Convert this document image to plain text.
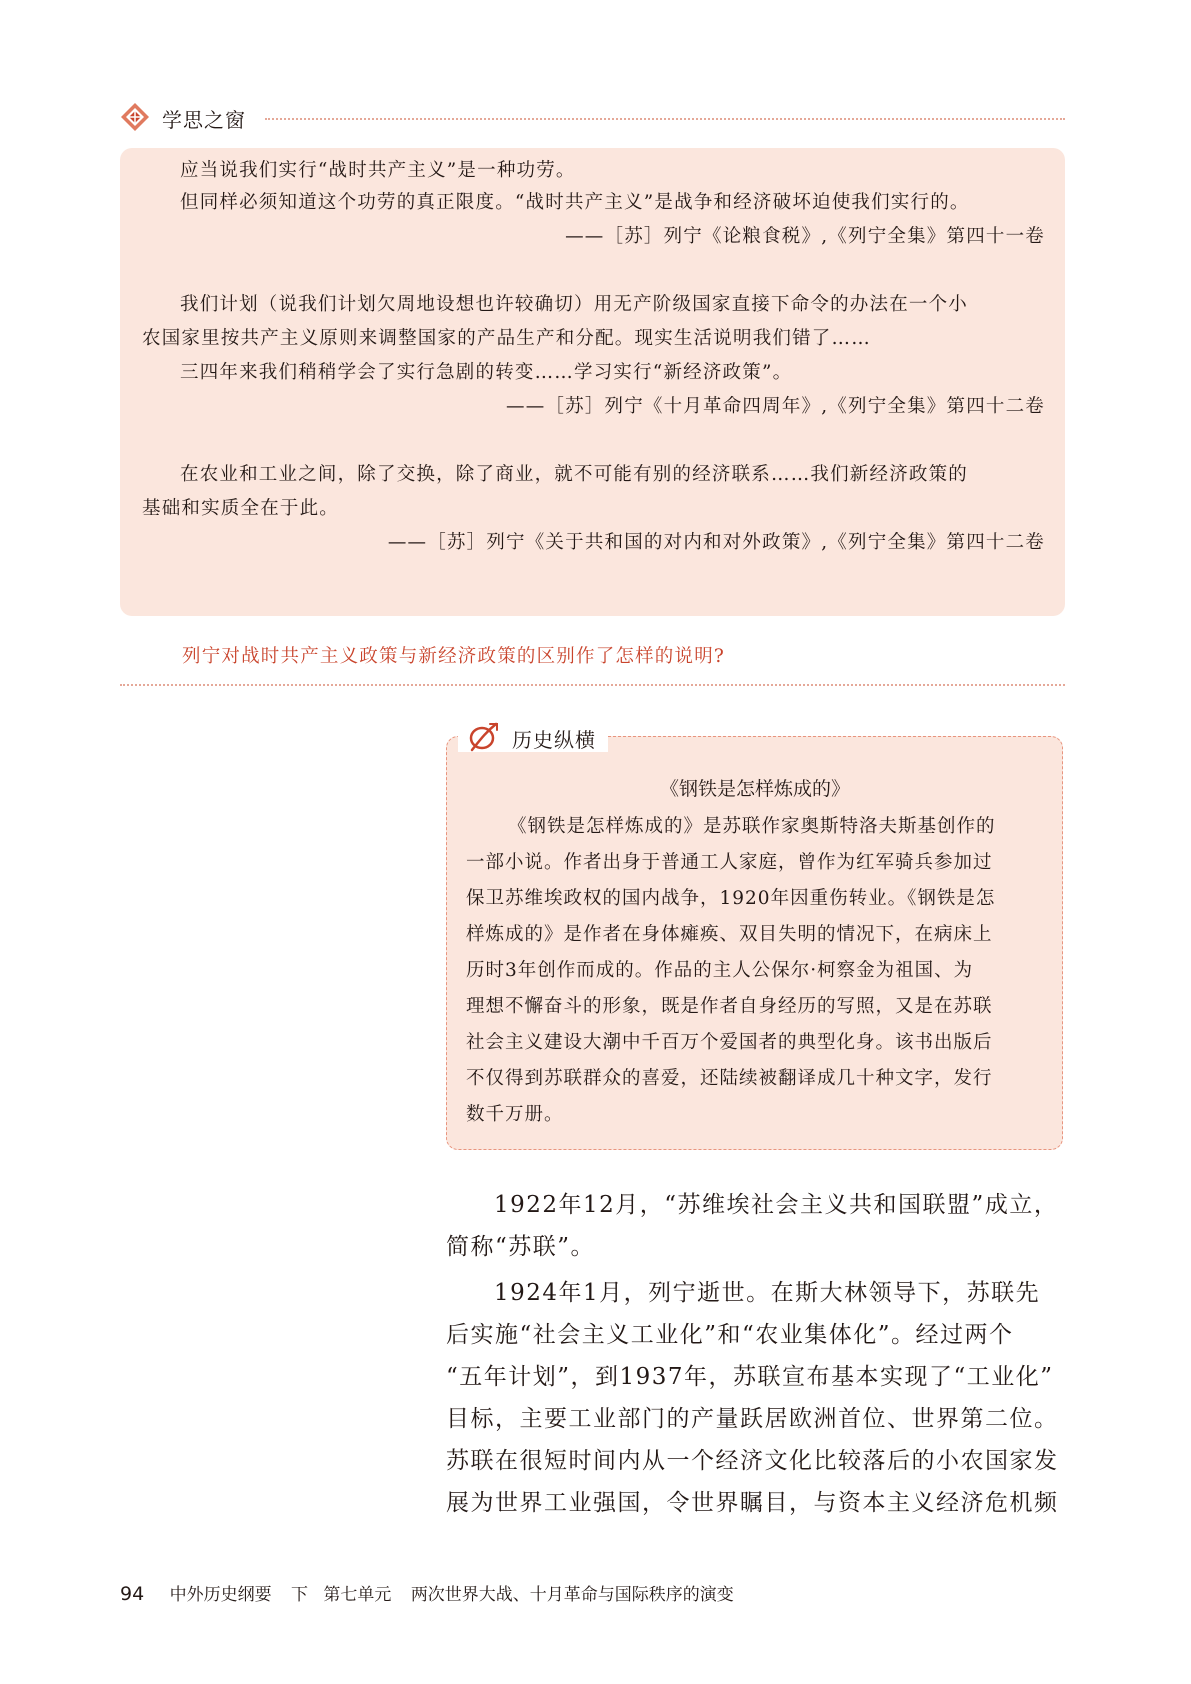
学思之窗
应当说我们实行“战时共产主义”是一种功劳。
但同样必须知道这个功劳的真正限度。“战时共产主义”是战争和经济破坏迫使我们实行的。
——［苏］列宁《论粮食税》,《列宁全集》第四十一卷
我们计划（说我们计划欠周地设想也许较确切）用无产阶级国家直接下命令的办法在一个小
农国家里按共产主义原则来调整国家的产品生产和分配。现实生活说明我们错了……
三四年来我们稍稍学会了实行急剧的转变……学习实行“新经济政策”。
——［苏］列宁《十月革命四周年》,《列宁全集》第四十二卷
在农业和工业之间，除了交换，除了商业，就不可能有别的经济联系……我们新经济政策的
基础和实质全在于此。
——［苏］列宁《关于共和国的对内和对外政策》,《列宁全集》第四十二卷
列宁对战时共产主义政策与新经济政策的区别作了怎样的说明?
历史纵横
《钢铁是怎样炼成的》
《钢铁是怎样炼成的》是苏联作家奥斯特洛夫斯基创作的
一部小说。作者出身于普通工人家庭，曾作为红军骑兵参加过
保卫苏维埃政权的国内战争，1920年因重伤转业。《钢铁是怎
样炼成的》是作者在身体瘫痪、双目失明的情况下，在病床上
历时3年创作而成的。作品的主人公保尔·柯察金为祖国、为
理想不懈奋斗的形象，既是作者自身经历的写照，又是在苏联
社会主义建设大潮中千百万个爱国者的典型化身。该书出版后
不仅得到苏联群众的喜爱，还陆续被翻译成几十种文字，发行
数千万册。
1922年12月，“苏维埃社会主义共和国联盟”成立，
简称“苏联”。
1924年1月，列宁逝世。在斯大林领导下，苏联先
后实施“社会主义工业化”和“农业集体化”。经过两个
“五年计划”，到1937年，苏联宣布基本实现了“工业化”
目标，主要工业部门的产量跃居欧洲首位、世界第二位。
苏联在很短时间内从一个经济文化比较落后的小农国家发
展为世界工业强国，令世界瞩目，与资本主义经济危机频
94 中外历史纲要 下 第七单元 两次世界大战、十月革命与国际秩序的演变
